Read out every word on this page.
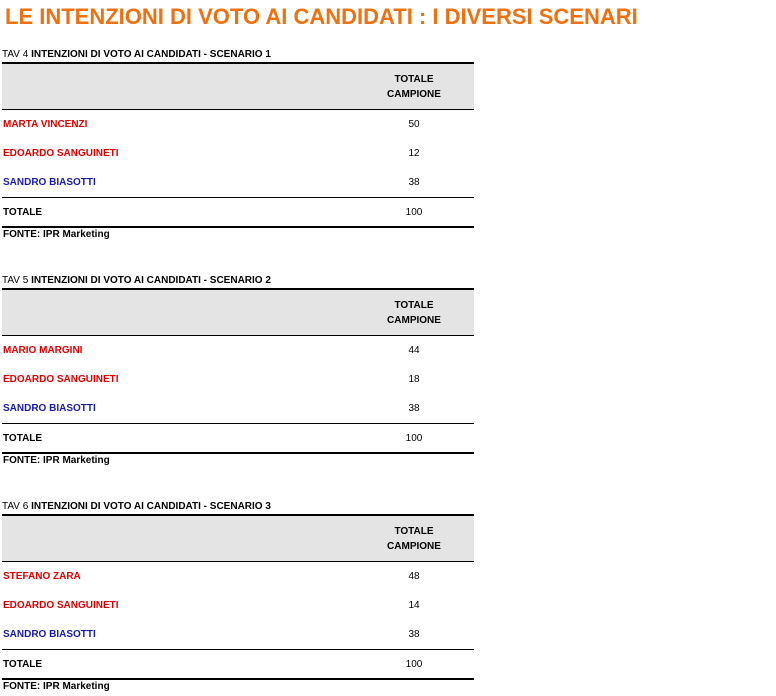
LE INTENZIONI DI VOTO AI CANDIDATI : I DIVERSI SCENARI
TAV 4 INTENZIONI DI VOTO AI CANDIDATI - SCENARIO 1

	TOTALE
CAMPIONE

MARTA VINCENZI	50
EDOARDO SANGUINETI	12
SANDRO BIASOTTI	38
TOTALE	100
FONTE: IPR Marketing
TAV 5 INTENZIONI DI VOTO AI CANDIDATI - SCENARIO 2

	TOTALE
CAMPIONE

MARIO MARGINI	44
EDOARDO SANGUINETI	18
SANDRO BIASOTTI	38
TOTALE	100
FONTE: IPR Marketing
TAV 6 INTENZIONI DI VOTO AI CANDIDATI - SCENARIO 3

	TOTALE
CAMPIONE

STEFANO ZARA	48
EDOARDO SANGUINETI	14
SANDRO BIASOTTI	38
TOTALE	100
FONTE: IPR Marketing
